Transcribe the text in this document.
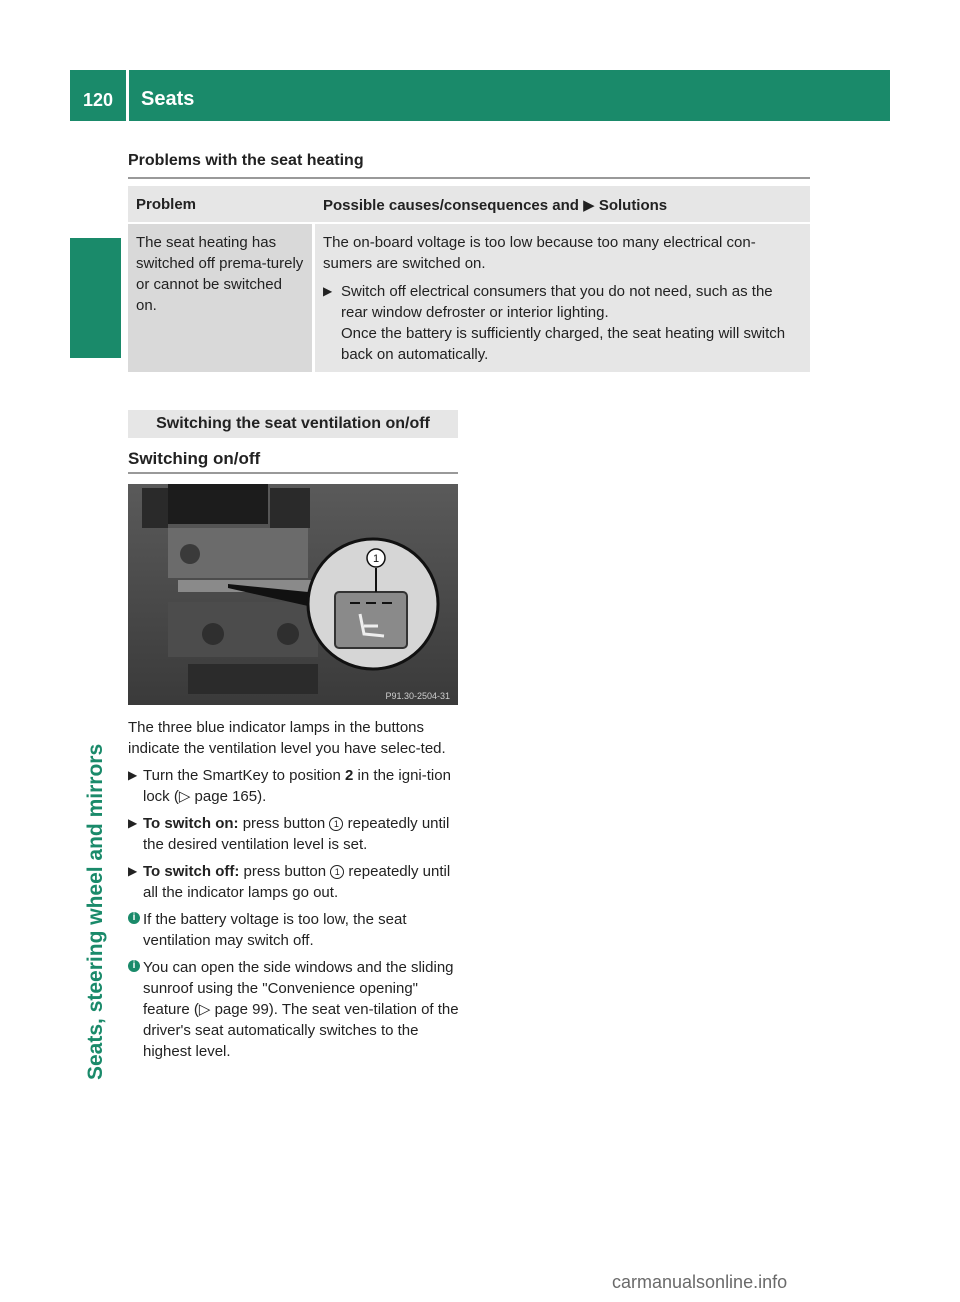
120	Seats
Seats, steering wheel and mirrors
Problems with the seat heating
Problem	Possible causes/consequences and ▶ Solutions
The seat heating has switched off prema-turely or cannot be switched on.
The on-board voltage is too low because too many electrical con-sumers are switched on.
▶ Switch off electrical consumers that you do not need, such as the rear window defroster or interior lighting.
Once the battery is sufficiently charged, the seat heating will switch back on automatically.
Switching the seat ventilation on/off
Switching on/off
1
P91.30-2504-31

The three blue indicator lamps in the buttons indicate the ventilation level you have selec-ted.

▶ Turn the SmartKey to position 2 in the igni-tion lock (▷ page 165).
▶ To switch on: press button 1 repeatedly until the desired ventilation level is set.
▶ To switch off: press button 1 repeatedly until all the indicator lamps go out.
i If the battery voltage is too low, the seat ventilation may switch off.
i You can open the side windows and the sliding sunroof using the "Convenience opening" feature (▷ page 99). The seat ven-tilation of the driver's seat automatically switches to the highest level.
carmanualsonline.info
